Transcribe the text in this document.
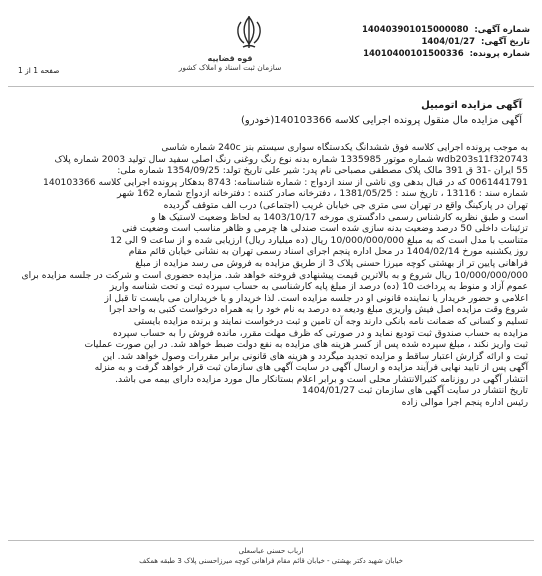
شماره آگهی: 140403901015000080
تاریخ آگهی: 1404/01/27
شماره پرونده: 14010400101500336
قوه قضاییه
سازمان ثبت اسناد و املاک کشور
صفحه 1 از 1
آگهی مزایده اتومبیل
آگهی مزایده مال منقول پرونده اجرایی کلاسه 140103366(خودرو)
به موجب پرونده اجرایی کلاسه فوق ششدانگ یکدستگاه سواری سیستم بنز 240c شماره شاسی
wdb203s11f320743 شماره موتور 1335985 شماره بدنه نوع رنگ روغنی رنگ اصلی سفید سال تولید 2003 شماره پلاک
55 ایران -31 ق 391 مالک پلاک مصطفی مصباحی نام پدر: شیر علی تاریخ تولد: 1354/09/25 شماره ملی:
0061441791 که در قبال بدهی وی ناشی از سند ازدواج : شماره شناسنامه: 8743 بدهکار پرونده اجرایی کلاسه 140103366
شماره سند : 13116 ، تاریخ سند : 1381/05/25 ، دفترخانه صادر کننده : دفترخانه ازدواج شماره 162 شهر
تهران در پارکینگ واقع در تهران سی متری جی خیابان غریب (اجتماعی) درب الف متوقف گردیده
است و طبق نظریه کارشناس رسمی دادگستری مورخه 1403/10/17 به لحاظ وضعیت لاستیک ها و
تزئینات داخلی 50 درصد وضعیت بدنه سازی شده است صندلی ها چرمی و ظاهر مناسب است وضعیت فنی
متناسب با مدل است که به مبلغ 10/000/000/000 ریال (ده میلیارد ریال) ارزیابی شده و از ساعت 9 الی 12
روز یکشنبه مورخ 1404/02/14 در محل اداره پنجم اجرای اسناد رسمی تهران به نشانی خیابان قائم مقام
فراهانی پایین تر از بهشتی کوچه میرزا حسنی پلاک 3 از طریق مزایده به فروش می رسد مزایده از مبلغ
10/000/000/000 ریال شروع و به بالاترین قیمت پیشنهادی فروخته خواهد شد. مزایده حضوری است و شرکت در جلسه مزایده برای
عموم آزاد و منوط به پرداخت 10 (ده) درصد از مبلغ پایه کارشناسی به حساب سپرده ثبت و تحت شناسه واریز
اعلامی و حضور خریدار یا نماینده قانونی او در جلسه مزایده است. لذا خریدار و یا خریداران می بایست تا قبل از
شروع وقت مزایده اصل فیش واریزی مبلغ ودیعه ده درصد به نام خود را به همراه درخواست کتبی به واحد اجرا
تسلیم و کسانی که ضمانت نامه بانکی دارند وجه آن تامین و ثبت درخواست نمایند و برنده مزایده بایستی
مزایده به حساب صندوق ثبت تودیع نماید و در صورتی که ظرف مهلت مقرر، مانده فروش را به حساب سپرده
ثبت واریز نکند ، مبلغ سپرده شده پس از کسر هزینه های مزایده به نفع دولت ضبط خواهد شد. در این صورت عملیات
ثبت و ارائه گزارش اعتبار ساقط و مزایده تجدید میگردد و هزینه های قانونی برابر مقررات وصول خواهد شد. این
آگهی پس از تایید نهایی فرآیند مزایده و ارسال آگهی در سایت آگهی های سازمان ثبت قرار خواهد گرفت و به منزله
انتشار آگهی در روزنامه کثیرالانتشار محلی است و برابر اعلام بستانکار مال مورد مزایده دارای بیمه می باشد.
تاریخ انتشار در سایت آگهی های سازمان ثبت 1404/01/27
رئیس اداره پنجم اجرا موالی زاده
ارباب حسنی عباسعلی
خیابان شهید دکتر بهشتی - خیابان قائم مقام فراهانی کوچه میرزاحسنی پلاک 3 طبقه همکف
